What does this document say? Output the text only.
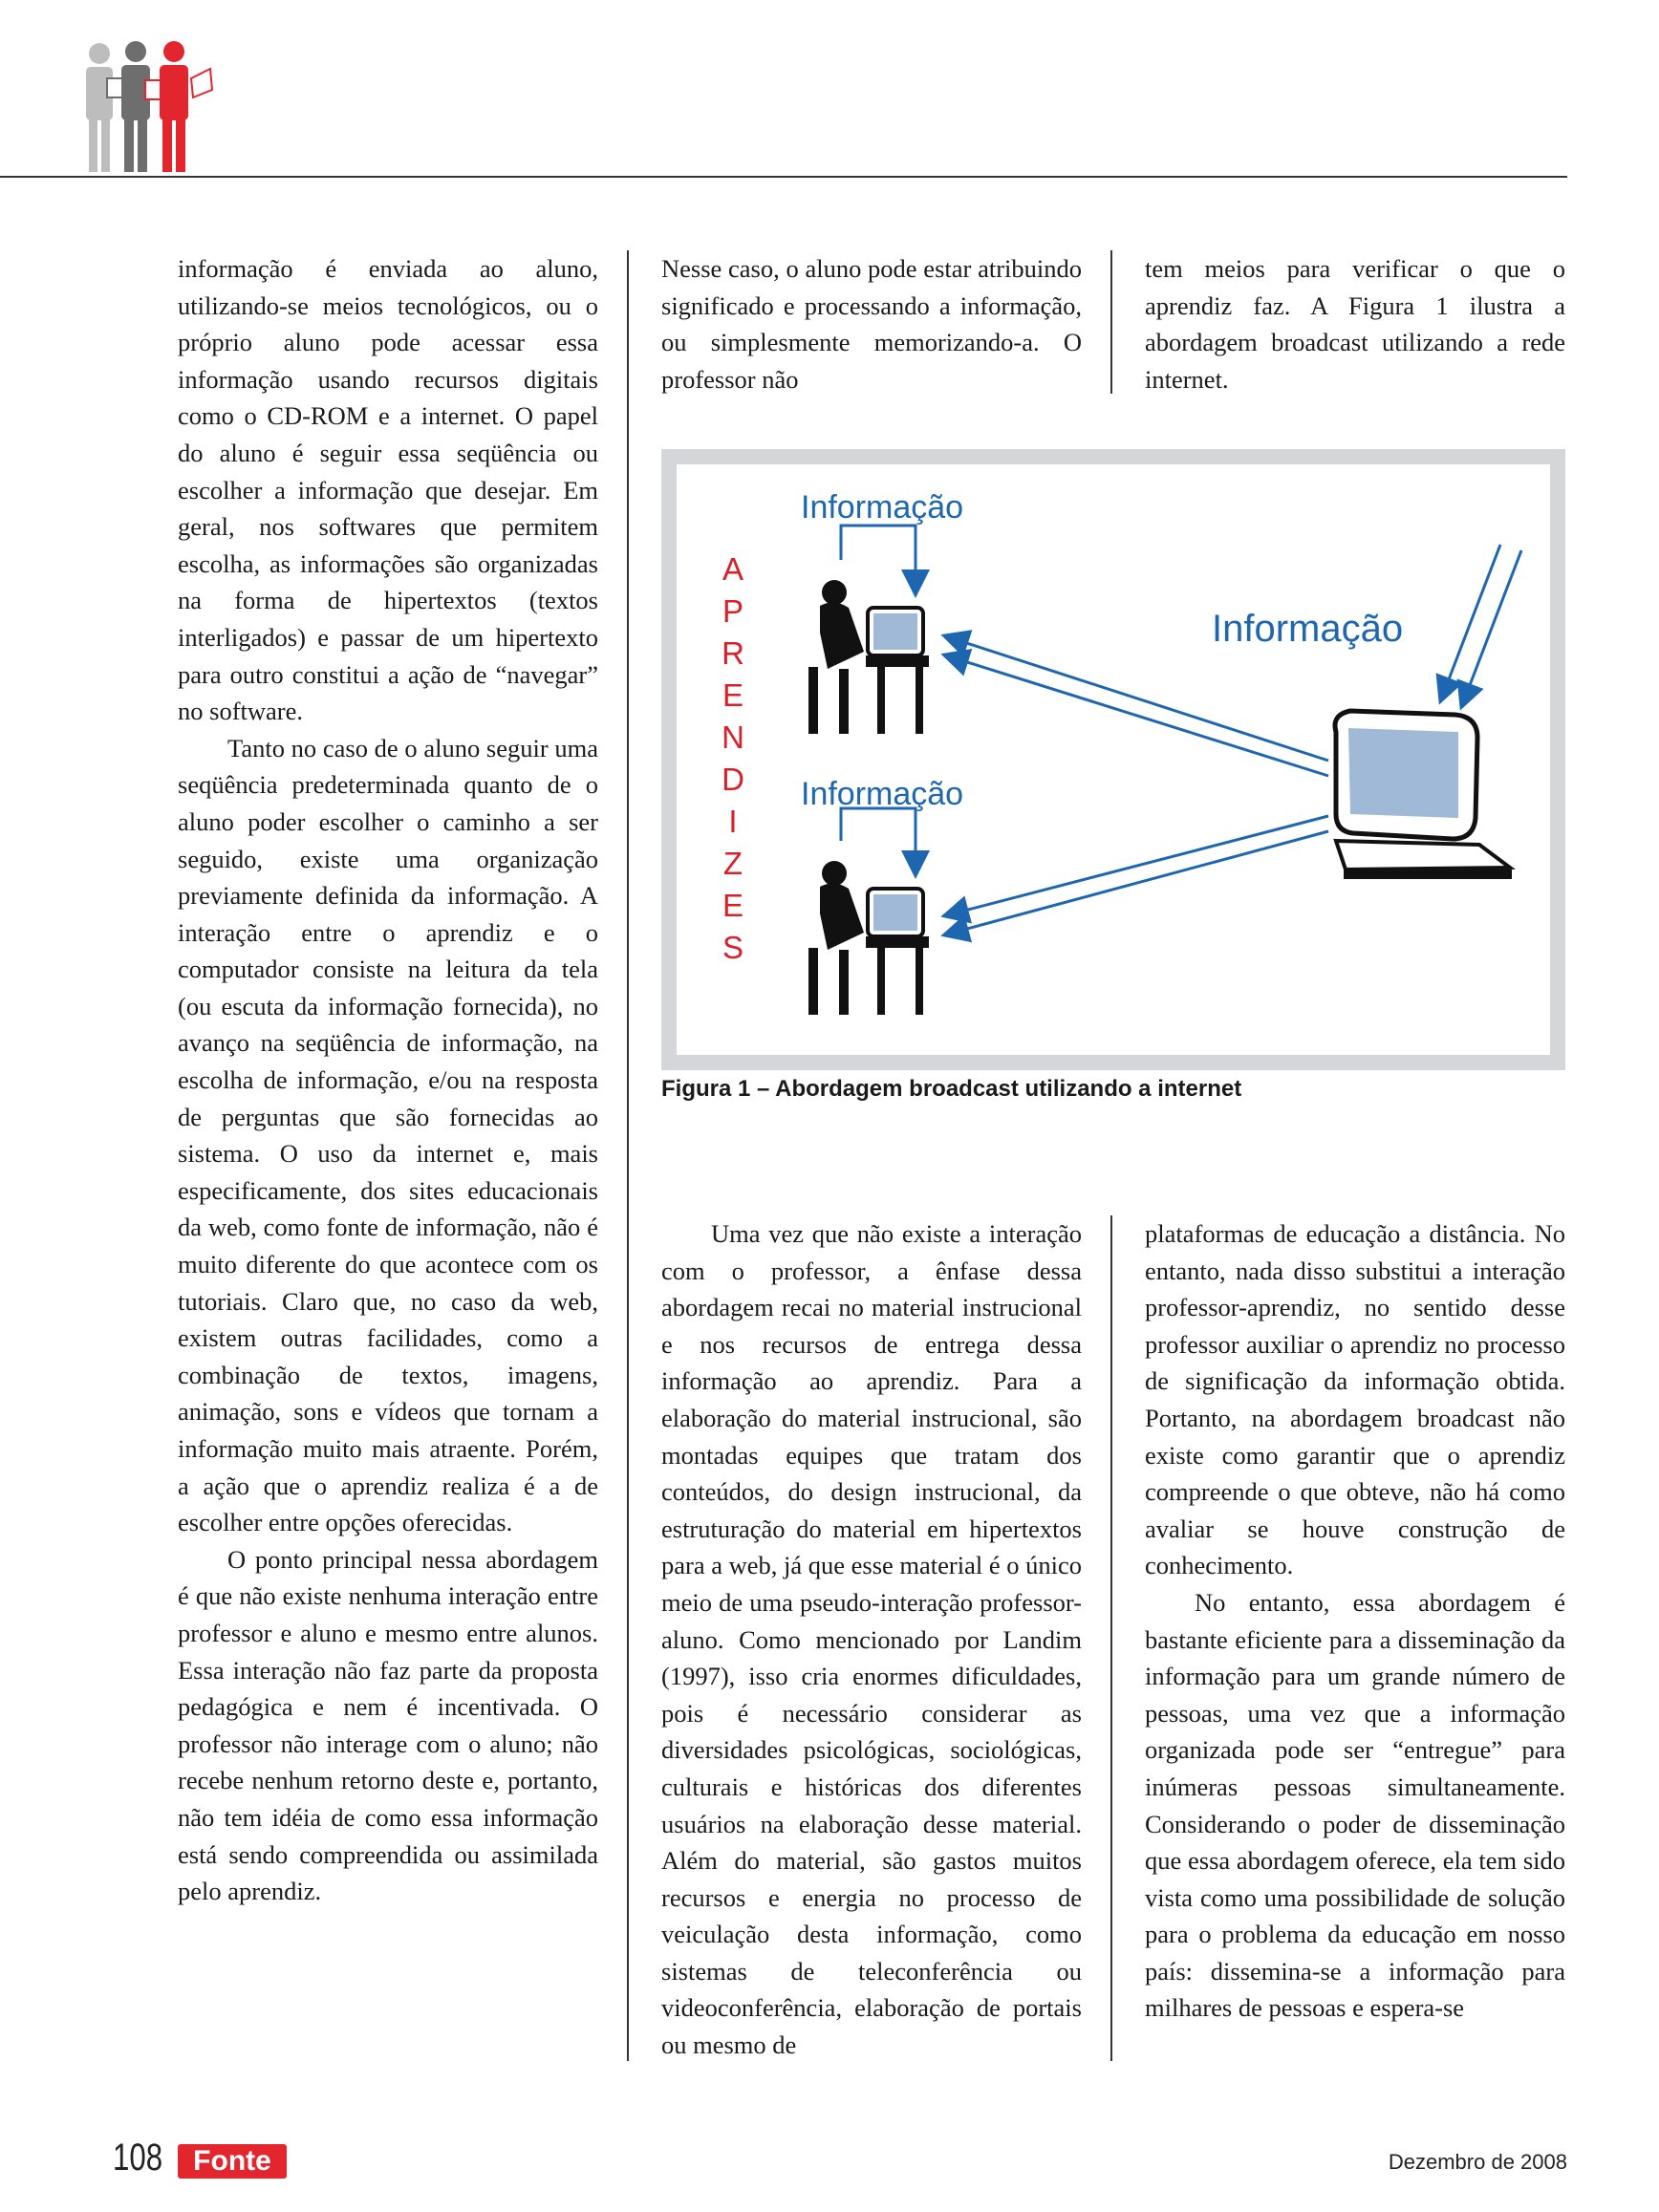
informação é enviada ao aluno, utilizando-se meios tecnológicos, ou o próprio aluno pode acessar essa informação usando recursos digitais como o CD-ROM e a internet. O papel do aluno é seguir essa seqüência ou escolher a informação que desejar. Em geral, nos softwares que permitem escolha, as informações são organizadas na forma de hipertextos (textos interligados) e passar de um hipertexto para outro constitui a ação de “navegar” no software.

Tanto no caso de o aluno seguir uma seqüência predeterminada quanto de o aluno poder escolher o caminho a ser seguido, existe uma organização previamente definida da informação. A interação entre o aprendiz e o computador consiste na leitura da tela (ou escuta da informação fornecida), no avanço na seqüência de informação, na escolha de informação, e/ou na resposta de perguntas que são fornecidas ao sistema. O uso da internet e, mais especificamente, dos sites educacionais da web, como fonte de informação, não é muito diferente do que acontece com os tutoriais. Claro que, no caso da web, existem outras facilidades, como a combinação de textos, imagens, animação, sons e vídeos que tornam a informação muito mais atraente. Porém, a ação que o aprendiz realiza é a de escolher entre opções oferecidas.

O ponto principal nessa abordagem é que não existe nenhuma interação entre professor e aluno e mesmo entre alunos. Essa interação não faz parte da proposta pedagógica e nem é incentivada. O professor não interage com o aluno; não recebe nenhum retorno deste e, portanto, não tem idéia de como essa informação está sendo compreendida ou assimilada pelo aprendiz.

Nesse caso, o aluno pode estar atribuindo significado e processando a informação, ou simplesmente memorizando-a. O professor não

tem meios para verificar o que o aprendiz faz. A Figura 1 ilustra a abordagem broadcast utilizando a rede internet.

Informação
Informação
Informação
A
P
R
E
N
D
I
Z
E
S
Figura 1 – Abordagem broadcast utilizando a internet

Uma vez que não existe a interação com o professor, a ênfase dessa abordagem recai no material instrucional e nos recursos de entrega dessa informação ao aprendiz. Para a elaboração do material instrucional, são montadas equipes que tratam dos conteúdos, do design instrucional, da estruturação do material em hipertextos para a web, já que esse material é o único meio de uma pseudo-interação professor-aluno. Como mencionado por Landim (1997), isso cria enormes dificuldades, pois é necessário considerar as diversidades psicológicas, sociológicas, culturais e históricas dos diferentes usuários na elaboração desse material. Além do material, são gastos muitos recursos e energia no processo de veiculação desta informação, como sistemas de teleconferência ou videoconferência, elaboração de portais ou mesmo de

plataformas de educação a distância. No entanto, nada disso substitui a interação professor-aprendiz, no sentido desse professor auxiliar o aprendiz no processo de significação da informação obtida. Portanto, na abordagem broadcast não existe como garantir que o aprendiz compreende o que obteve, não há como avaliar se houve construção de conhecimento.

No entanto, essa abordagem é bastante eficiente para a disseminação da informação para um grande número de pessoas, uma vez que a informação organizada pode ser “entregue” para inúmeras pessoas simultaneamente. Considerando o poder de disseminação que essa abordagem oferece, ela tem sido vista como uma possibilidade de solução para o problema da educação em nosso país: dissemina-se a informação para milhares de pessoas e espera-se

108	Fonte	Dezembro de 2008
